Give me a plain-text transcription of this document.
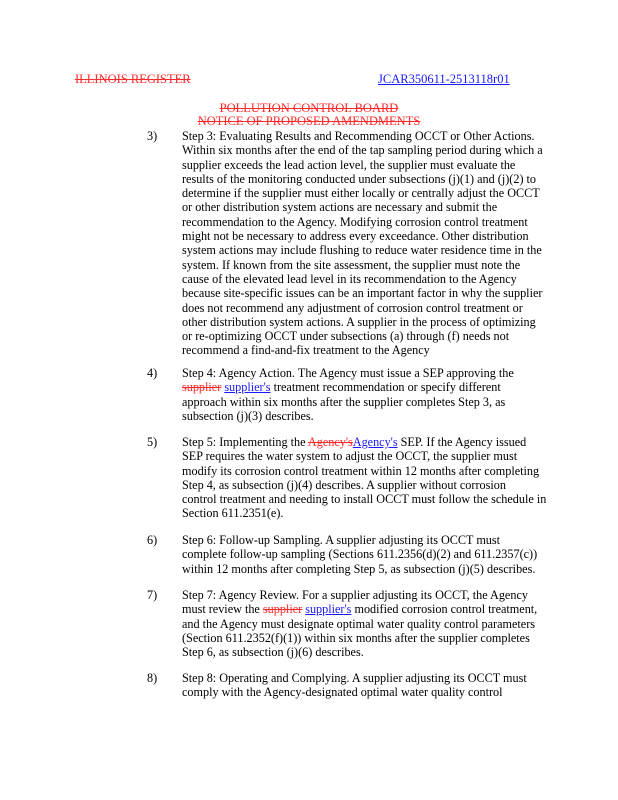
ILLINOIS REGISTER	JCAR350611-2513118r01
POLLUTION CONTROL BOARD
NOTICE OF PROPOSED AMENDMENTS
3) Step 3: Evaluating Results and Recommending OCCT or Other Actions.
Within six months after the end of the tap sampling period during which a
supplier exceeds the lead action level, the supplier must evaluate the
results of the monitoring conducted under subsections (j)(1) and (j)(2) to
determine if the supplier must either locally or centrally adjust the OCCT
or other distribution system actions are necessary and submit the
recommendation to the Agency. Modifying corrosion control treatment
might not be necessary to address every exceedance. Other distribution
system actions may include flushing to reduce water residence time in the
system. If known from the site assessment, the supplier must note the
cause of the elevated lead level in its recommendation to the Agency
because site-specific issues can be an important factor in why the supplier
does not recommend any adjustment of corrosion control treatment or
other distribution system actions. A supplier in the process of optimizing
or re-optimizing OCCT under subsections (a) through (f) needs not
recommend a find-and-fix treatment to the Agency
4) Step 4: Agency Action. The Agency must issue a SEP approving the
supplier supplier's treatment recommendation or specify different
approach within six months after the supplier completes Step 3, as
subsection (j)(3) describes.
5) Step 5: Implementing the Agency'sAgency's SEP. If the Agency issued
SEP requires the water system to adjust the OCCT, the supplier must
modify its corrosion control treatment within 12 months after completing
Step 4, as subsection (j)(4) describes. A supplier without corrosion
control treatment and needing to install OCCT must follow the schedule in
Section 611.2351(e).
6) Step 6: Follow-up Sampling. A supplier adjusting its OCCT must
complete follow-up sampling (Sections 611.2356(d)(2) and 611.2357(c))
within 12 months after completing Step 5, as subsection (j)(5) describes.
7) Step 7: Agency Review. For a supplier adjusting its OCCT, the Agency
must review the supplier supplier's modified corrosion control treatment,
and the Agency must designate optimal water quality control parameters
(Section 611.2352(f)(1)) within six months after the supplier completes
Step 6, as subsection (j)(6) describes.
8) Step 8: Operating and Complying. A supplier adjusting its OCCT must
comply with the Agency-designated optimal water quality control
